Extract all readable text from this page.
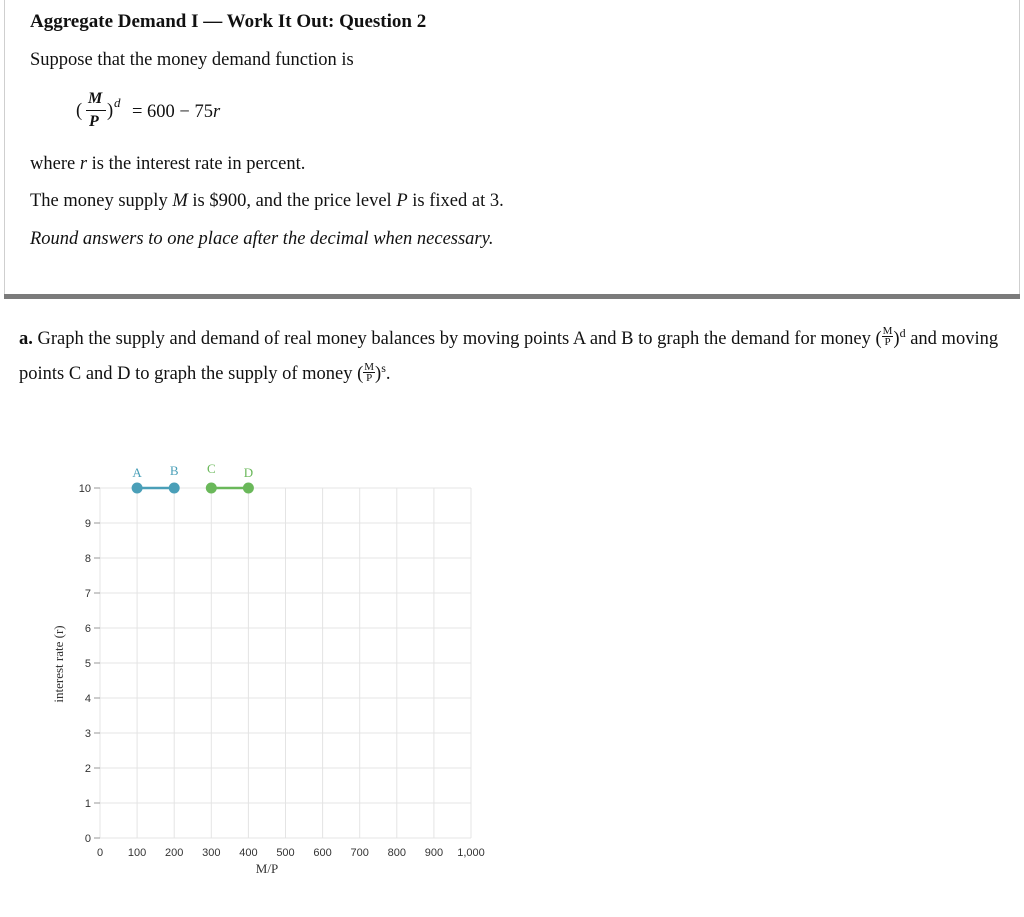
Aggregate Demand I — Work It Out: Question 2
Suppose that the money demand function is
(
M
P
) d = 600 − 75r
where r is the interest rate in percent.
The money supply M is $900, and the price level P is fixed at 3.
Round answers to one place after the decimal when necessary.
a. Graph the supply and demand of real money balances by moving points A and B to graph the demand for money ( $\frac{M}{P} )^d$ and moving points C and D to graph the supply of money ( $\frac{M}{P} )^s$.
0
1
2
3
4
5
6
7
8
9
10
0 100 200 300 400 500 600 700 800 900 1,000
M/P
interest rate (r)
A B C D
